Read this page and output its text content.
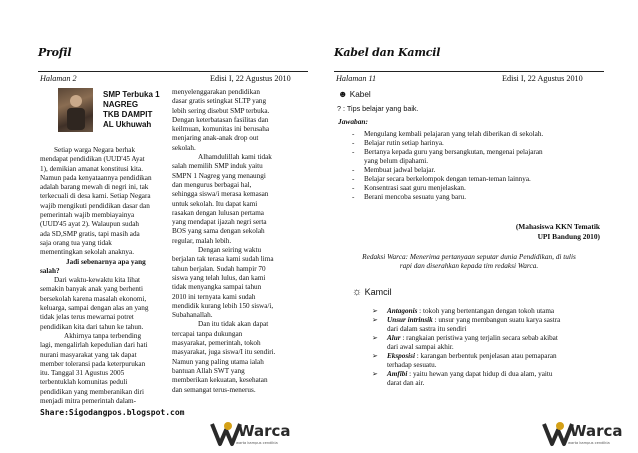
Profil
Halaman 2	Edisi I, 22 Agustus 2010
SMP Terbuka 1
NAGREG
TKB DAMPIT
AL Ukhuwah
Setiap warga Negara berhak
mendapat pendidikan (UUD'45 Ayat
1), demikian amanat konstitusi kita.
Namun pada kenyataannya pendidikan
adalah barang mewah di negri ini, tak
terkecuali di desa kami. Setiap Negara
wajib mengikuti pendidikan dasar dan
pemerintah wajib membiayainya
(UUD'45 ayat 2). Walaupun sudah
ada SD,SMP gratis, tapi masih ada
saja orang tua yang tidak
mementingkan sekolah anaknya.
Jadi sebenarnya apa yang
salah?
Dari waktu-kewaktu kita lihat
semakin banyak anak yang berhenti
bersekolah karena masalah ekonomi,
keluarga, sampai dengan alas an yang
tidak jelas terus mewarnai potret
pendidikan kita dari tahun ke tahun.
Akhirnya tanpa terbending
lagi, mengalirlah kepedulian dari hati
nurani masyarakat yang tak dapat
member toleransi pada keterpurukan
itu. Tanggal 31 Agustus 2005
terbentuklah komunitas peduli
pendidikan yang memberanikan diri
menjadi mitra pemerintah dalam-
menyelenggarakan pendidikan
dasar gratis setingkat SLTP yang
lebih sering disebut SMP terbuka.
Dengan keterbatasan fasilitas dan
keilmuan, komunitas ini berusaha
menjaring anak-anak drop out
sekolah.
Alhamdulillah kami tidak
salah memilih SMP induk yaitu
SMPN 1 Nagreg yang menaungi
dan mengurus berbagai hal,
sehingga siswa/i merasa kemasan
untuk sekolah. Itu dapat kami
rasakan dengan lulusan pertama
yang mendapat ijazah negri serta
BOS yang sama dengan sekolah
regular, malah lebih.
Dengan seiring waktu
berjalan tak terasa kami sudah lima
tahun berjalan. Sudah hampir 70
siswa yang telah lulus, dan kami
tidak menyangka sampai tahun
2010 ini ternyata kami sudah
mendidik kurang lebih 150 siswa/i,
Subahanallah.
Dan itu tidak akan dapat
tercapai tanpa dukungan
masyarakat, pemerintah, tokoh
masyarakat, juga siswa/I itu sendiri.
Namun yang paling utama ialah
bantuan Allah SWT yang
memberikan kekuatan, kesehatan
dan semangat terus-menerus.
Share:Sigodangpos.blogspot.com
Warca
warta kampus cendikia
Kabel dan Kamcil
Halaman 11	Edisi I, 22 Agustus 2010
☻ Kabel
? : Tips belajar yang baik.
Jawaban:
- Mengulang kembali pelajaran yang telah diberikan di sekolah.
- Belajar rutin setiap harinya.
- Bertanya kepada guru yang bersangkutan, mengenai pelajaran
yang belum dipahami.
- Membuat jadwal belajar.
- Belajar secara berkelompok dengan teman-teman lainnya.
- Konsentrasi saat guru menjelaskan.
- Berani mencoba sesuatu yang baru.
(Mahasiswa KKN Tematik
UPI Bandung 2010)
Redaksi Warca: Menerima pertanyaan seputar dunia Pendidikan, di tulis
rapi dan diserahkan kepada tim redaksi Warca.
☼ Kamcil
➢ Antagonis : tokoh yang bertentangan dengan tokoh utama
➢ Unsur intrinsik : unsur yang membangun suatu karya sastra
dari dalam sastra itu sendiri
➢ Alur : rangkaian peristiwa yang terjalin secara sebab akibat
dari awal sampai akhir.
➢ Eksposisi : karangan berbentuk penjelasan atau pemaparan
terhadap sesuatu.
➢ Amfibi : yaitu hewan yang dapat hidup di dua alam, yaitu
darat dan air.
Warca
warta kampus cendikia
